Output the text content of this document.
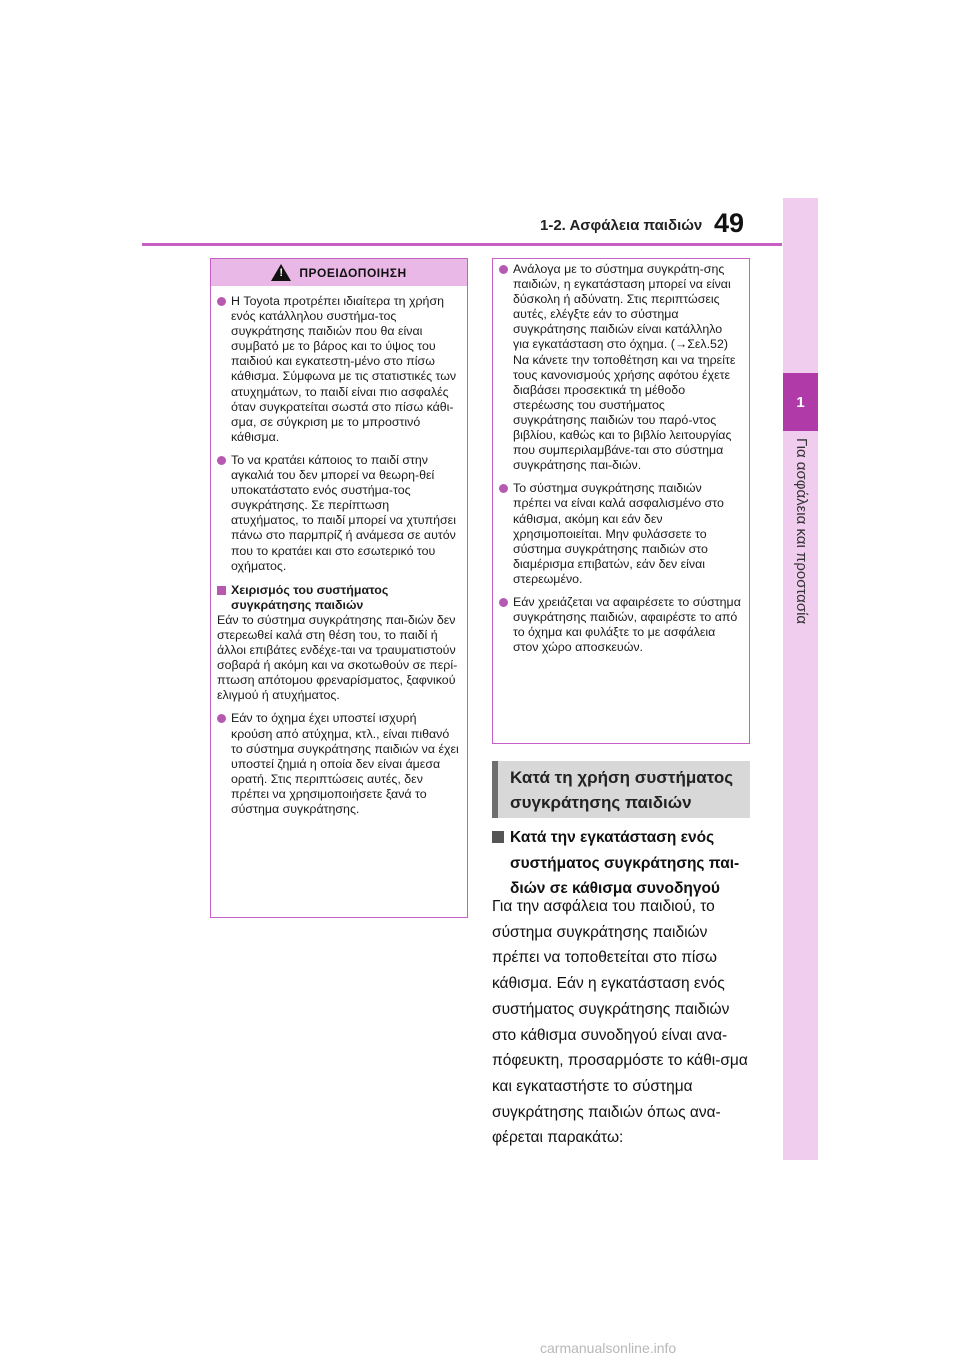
1-2. Ασφάλεια παιδιών 49
1
Για ασφάλεια και προστασία
!
ΠΡΟΕΙΔΟΠΟΙΗΣΗ
Η Toyota προτρέπει ιδιαίτερα τη χρήση ενός κατάλληλου συστήμα-τος συγκράτησης παιδιών που θα είναι συμβατό με το βάρος και το ύψος του παιδιού και εγκατεστη-μένο στο πίσω κάθισμα. Σύμφωνα με τις στατιστικές των ατυχημάτων, το παιδί είναι πιο ασφαλές όταν συγκρατείται σωστά στο πίσω κάθι-σμα, σε σύγκριση με το μπροστινό κάθισμα.
Το να κρατάει κάποιος το παιδί στην αγκαλιά του δεν μπορεί να θεωρη-θεί υποκατάστατο ενός συστήμα-τος συγκράτησης. Σε περίπτωση ατυχήματος, το παιδί μπορεί να χτυπήσει πάνω στο παρμπρίζ ή ανάμεσα σε αυτόν που το κρατάει και στο εσωτερικό του οχήματος.
Χειρισμός του συστήματος συγκράτησης παιδιών
Εάν το σύστημα συγκράτησης παι-διών δεν στερεωθεί καλά στη θέση του, το παιδί ή άλλοι επιβάτες ενδέχε-ται να τραυματιστούν σοβαρά ή ακόμη και να σκοτωθούν σε περί-πτωση απότομου φρεναρίσματος, ξαφνικού ελιγμού ή ατυχήματος.
Εάν το όχημα έχει υποστεί ισχυρή κρούση από ατύχημα, κτλ., είναι πιθανό το σύστημα συγκράτησης παιδιών να έχει υποστεί ζημιά η οποία δεν είναι άμεσα ορατή. Στις περιπτώσεις αυτές, δεν πρέπει να χρησιμοποιήσετε ξανά το σύστημα συγκράτησης.
Ανάλογα με το σύστημα συγκράτη-σης παιδιών, η εγκατάσταση μπορεί να είναι δύσκολη ή αδύνατη. Στις περιπτώσεις αυτές, ελέγξτε εάν το σύστημα συγκράτησης παιδιών είναι κατάλληλο για εγκατάσταση στο όχημα. (→Σελ.52) Να κάνετε την τοποθέτηση και να τηρείτε τους κανονισμούς χρήσης αφότου έχετε διαβάσει προσεκτικά τη μέθοδο στερέωσης του συστήματος συγκράτησης παιδιών του παρό-ντος βιβλίου, καθώς και το βιβλίο λειτουργίας που συμπεριλαμβάνε-ται στο σύστημα συγκράτησης παι-διών.
Το σύστημα συγκράτησης παιδιών πρέπει να είναι καλά ασφαλισμένο στο κάθισμα, ακόμη και εάν δεν χρησιμοποιείται. Μην φυλάσσετε το σύστημα συγκράτησης παιδιών στο διαμέρισμα επιβατών, εάν δεν είναι στερεωμένο.
Εάν χρειάζεται να αφαιρέσετε το σύστημα συγκράτησης παιδιών, αφαιρέστε το από το όχημα και φυλάξτε το με ασφάλεια στον χώρο αποσκευών.
Κατά τη χρήση συστήματος συγκράτησης παιδιών
Κατά την εγκατάσταση ενός συστήματος συγκράτησης παι-διών σε κάθισμα συνοδηγού
Για την ασφάλεια του παιδιού, το σύστημα συγκράτησης παιδιών πρέπει να τοποθετείται στο πίσω κάθισμα. Εάν η εγκατάσταση ενός συστήματος συγκράτησης παιδιών στο κάθισμα συνοδηγού είναι ανα-πόφευκτη, προσαρμόστε το κάθι-σμα και εγκαταστήστε το σύστημα συγκράτησης παιδιών όπως ανα-φέρεται παρακάτω:
carmanualsonline.info
